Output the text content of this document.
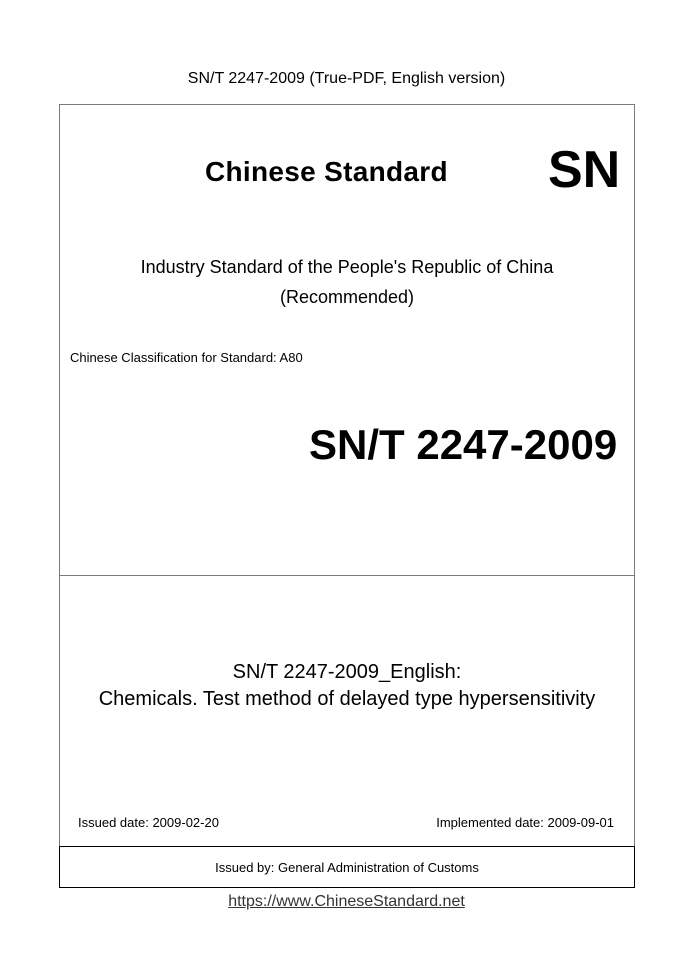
SN/T 2247-2009 (True-PDF, English version)
Chinese Standard SN
Industry Standard of the People's Republic of China
(Recommended)
Chinese Classification for Standard: A80
SN/T 2247-2009
SN/T 2247-2009_English:
Chemicals. Test method of delayed type hypersensitivity
Issued date: 2009-02-20	Implemented date: 2009-09-01
Issued by: General Administration of Customs
https://www.ChineseStandard.net
